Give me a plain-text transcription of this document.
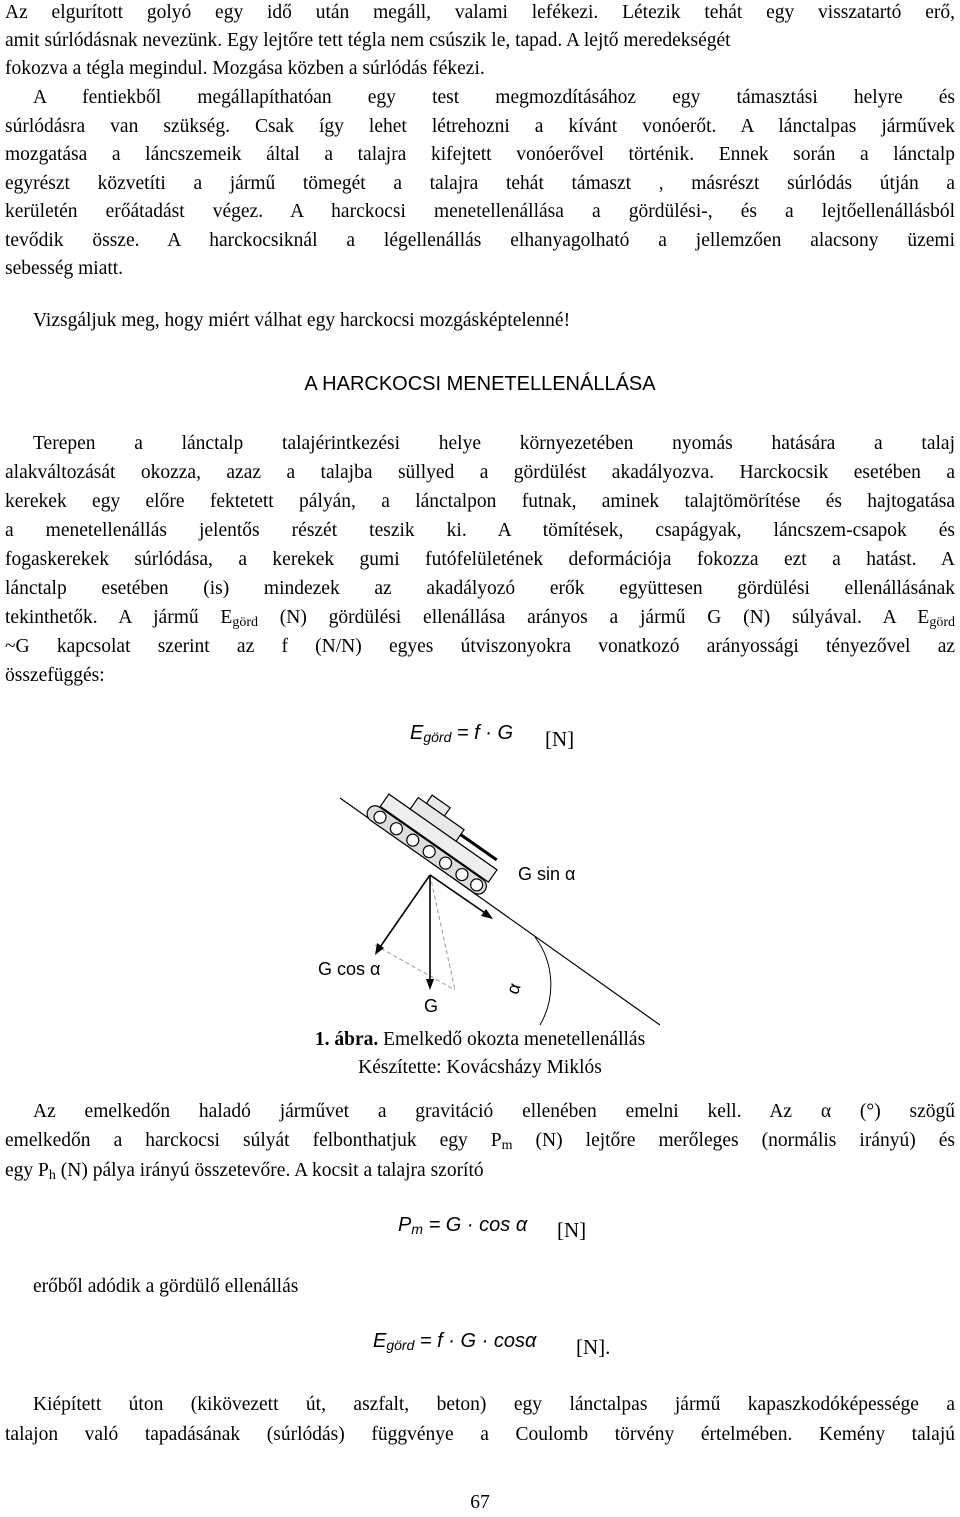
Az elgurított golyó egy idő után megáll, valami lefékezi. Létezik tehát egy visszatartó erő,
amit súrlódásnak nevezünk. Egy lejtőre tett tégla nem csúszik le, tapad. A lejtő meredekségét
fokozva a tégla megindul. Mozgása közben a súrlódás fékezi.
A fentiekből megállapíthatóan egy test megmozdításához egy támasztási helyre és
súrlódásra van szükség. Csak így lehet létrehozni a kívánt vonóerőt. A lánctalpas járművek
mozgatása a láncszemeik által a talajra kifejtett vonóerővel történik. Ennek során a lánctalp
egyrészt közvetíti a jármű tömegét a talajra tehát támaszt , másrészt súrlódás útján a
kerületén erőátadást végez. A harckocsi menetellenállása a gördülési-, és a lejtőellenállásból
tevődik össze. A harckocsiknál a légellenállás elhanyagolható a jellemzően alacsony üzemi
sebesség miatt.
Vizsgáljuk meg, hogy miért válhat egy harckocsi mozgásképtelenné!
A HARCKOCSI MENETELLENÁLLÁSA
Terepen a lánctalp talajérintkezési helye környezetében nyomás hatására a talaj
alakváltozását okozza, azaz a talajba süllyed a gördülést akadályozva. Harckocsik esetében a
kerekek egy előre fektetett pályán, a lánctalpon futnak, aminek talajtömörítése és hajtogatása
a menetellenállás jelentős részét teszik ki. A tömítések, csapágyak, láncszem-csapok és
fogaskerekek súrlódása, a kerekek gumi futófelületének deformációja fokozza ezt a hatást. A
lánctalp esetében (is) mindezek az akadályozó erők együttesen gördülési ellenállásának
tekinthetők. A jármű $E_{görd}$ (N) gördülési ellenállása arányos a jármű G (N) súlyával. A $E_{görd}$
~G kapcsolat szerint az f (N/N) egyes útviszonyokra vonatkozó arányossági tényezővel az
összefüggés:
$E_{görd} = f \cdot G$ [N]
G sin α
G cos α
G
α
1. ábra. Emelkedő okozta menetellenállás
Készítette: Kovácsházy Miklós
Az emelkedőn haladó járművet a gravitáció ellenében emelni kell. Az α (°) szögű
emelkedőn a harckocsi súlyát felbonthatjuk egy $P_m$ (N) lejtőre merőleges (normális irányú) és
egy $P_h$ (N) pálya irányú összetevőre. A kocsit a talajra szorító
$P_m = G \cdot \cos \alpha$ [N]
erőből adódik a gördülő ellenállás
$E_{görd} = f \cdot G \cdot \cos\alpha$ [N].
Kiépített úton (kikövezett út, aszfalt, beton) egy lánctalpas jármű kapaszkodóképessége a
talajon való tapadásának (súrlódás) függvénye a Coulomb törvény értelmében. Kemény talajú
67
